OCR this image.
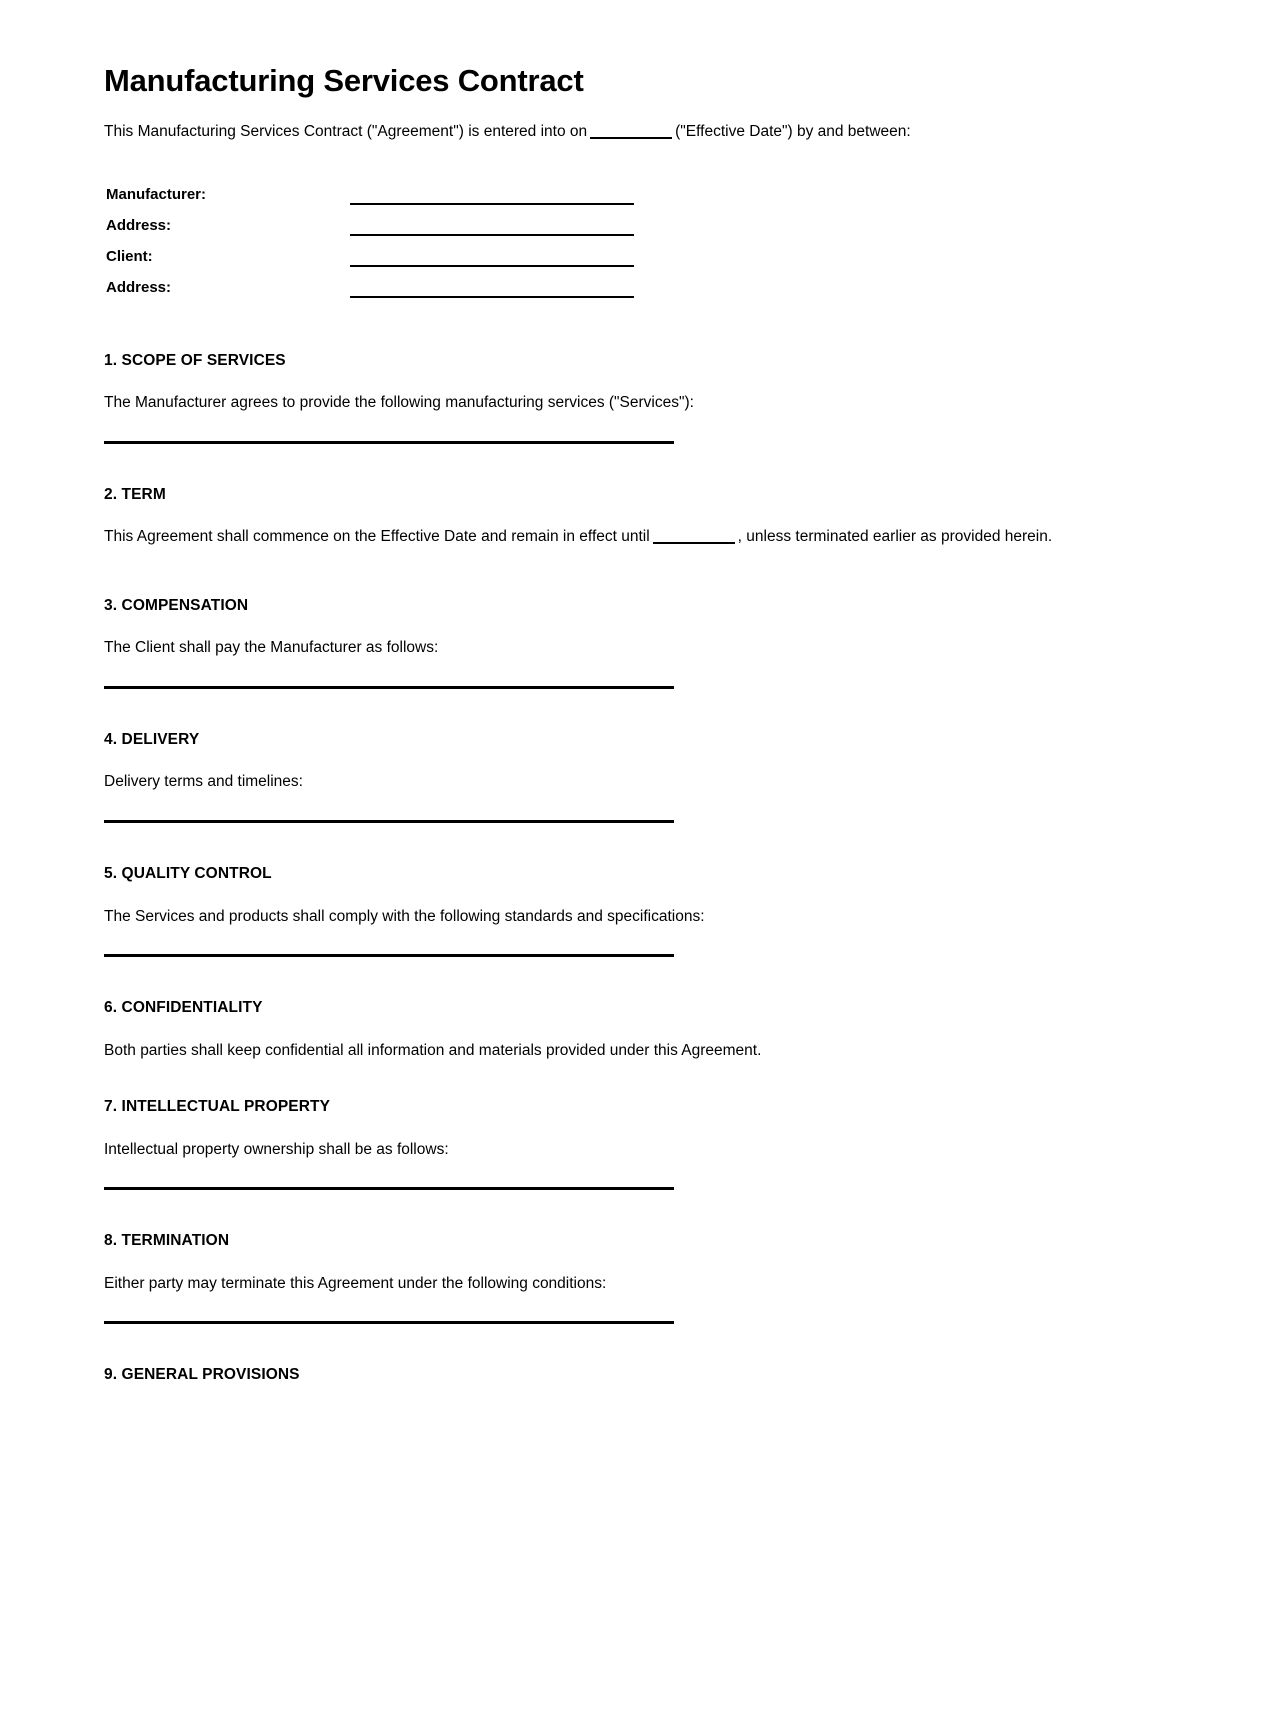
Manufacturing Services Contract

This Manufacturing Services Contract ("Agreement") is entered into on	("Effective Date") by and between:

Manufacturer:
Address:
Client:
Address:
1. SCOPE OF SERVICES

The Manufacturer agrees to provide the following manufacturing services ("Services"):

2. TERM

This Agreement shall commence on the Effective Date and remain in effect until	, unless terminated earlier as provided herein.

3. COMPENSATION

The Client shall pay the Manufacturer as follows:

4. DELIVERY

Delivery terms and timelines:

5. QUALITY CONTROL

The Services and products shall comply with the following standards and specifications:

6. CONFIDENTIALITY

Both parties shall keep confidential all information and materials provided under this Agreement.

7. INTELLECTUAL PROPERTY

Intellectual property ownership shall be as follows:

8. TERMINATION

Either party may terminate this Agreement under the following conditions:

9. GENERAL PROVISIONS
